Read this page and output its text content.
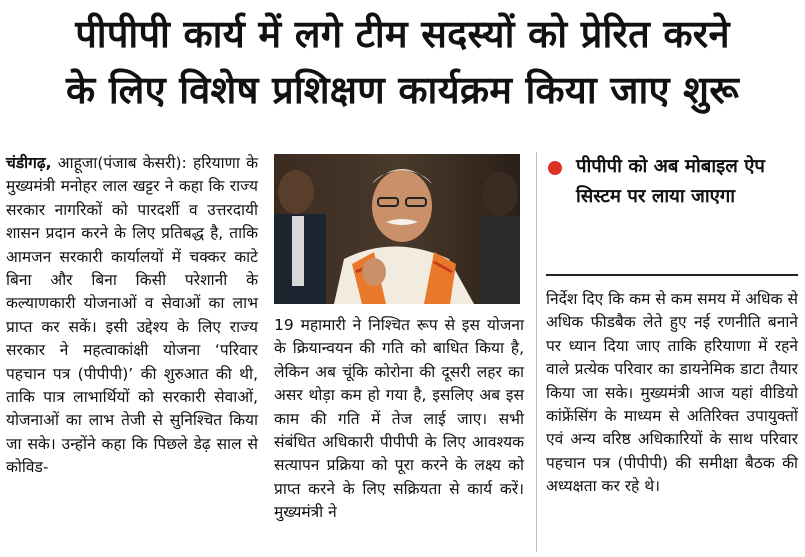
पीपीपी कार्य में लगे टीम सदस्यों को प्रेरित करने
के लिए विशेष प्रशिक्षण कार्यक्रम किया जाए शुरू
चंडीगढ़, आहूजा(पंजाब केसरी): हरियाणा के मुख्यमंत्री मनोहर लाल खट्टर ने कहा कि राज्य सरकार नागरिकों को पारदर्शी व उत्तरदायी शासन प्रदान करने के लिए प्रतिबद्ध है, ताकि आमजन सरकारी कार्यालयों में चक्कर काटे बिना और बिना किसी परेशानी के कल्याणकारी योजनाओं व सेवाओं का लाभ प्राप्त कर सकें। इसी उद्देश्य के लिए राज्य सरकार ने महत्वाकांक्षी योजना ‘परिवार पहचान पत्र (पीपीपी)’ की शुरुआत की थी, ताकि पात्र लाभार्थियों को सरकारी सेवाओं, योजनाओं का लाभ तेजी से सुनिश्चित किया जा सके। उन्होंने कहा कि पिछले डेढ़ साल से कोविड-
19 महामारी ने निश्चित रूप से इस योजना के क्रियान्वयन की गति को बाधित किया है, लेकिन अब चूंकि कोरोना की दूसरी लहर का असर थोड़ा कम हो गया है, इसलिए अब इस काम की गति में तेज लाई जाए। सभी संबंधित अधिकारी पीपीपी के लिए आवश्यक सत्यापन प्रक्रिया को पूरा करने के लक्ष्य को प्राप्त करने के लिए सक्रियता से कार्य करें। मुख्यमंत्री ने
पीपीपी को अब मोबाइल ऐप सिस्टम पर लाया जाएगा
निर्देश दिए कि कम से कम समय में अधिक से अधिक फीडबैक लेते हुए नई रणनीति बनाने पर ध्यान दिया जाए ताकि हरियाणा में रहने वाले प्रत्येक परिवार का डायनेमिक डाटा तैयार किया जा सके। मुख्यमंत्री आज यहां वीडियो कांफ्रेंसिंग के माध्यम से अतिरिक्त उपायुक्तों एवं अन्य वरिष्ठ अधिकारियों के साथ परिवार पहचान पत्र (पीपीपी) की समीक्षा बैठक की अध्यक्षता कर रहे थे।
